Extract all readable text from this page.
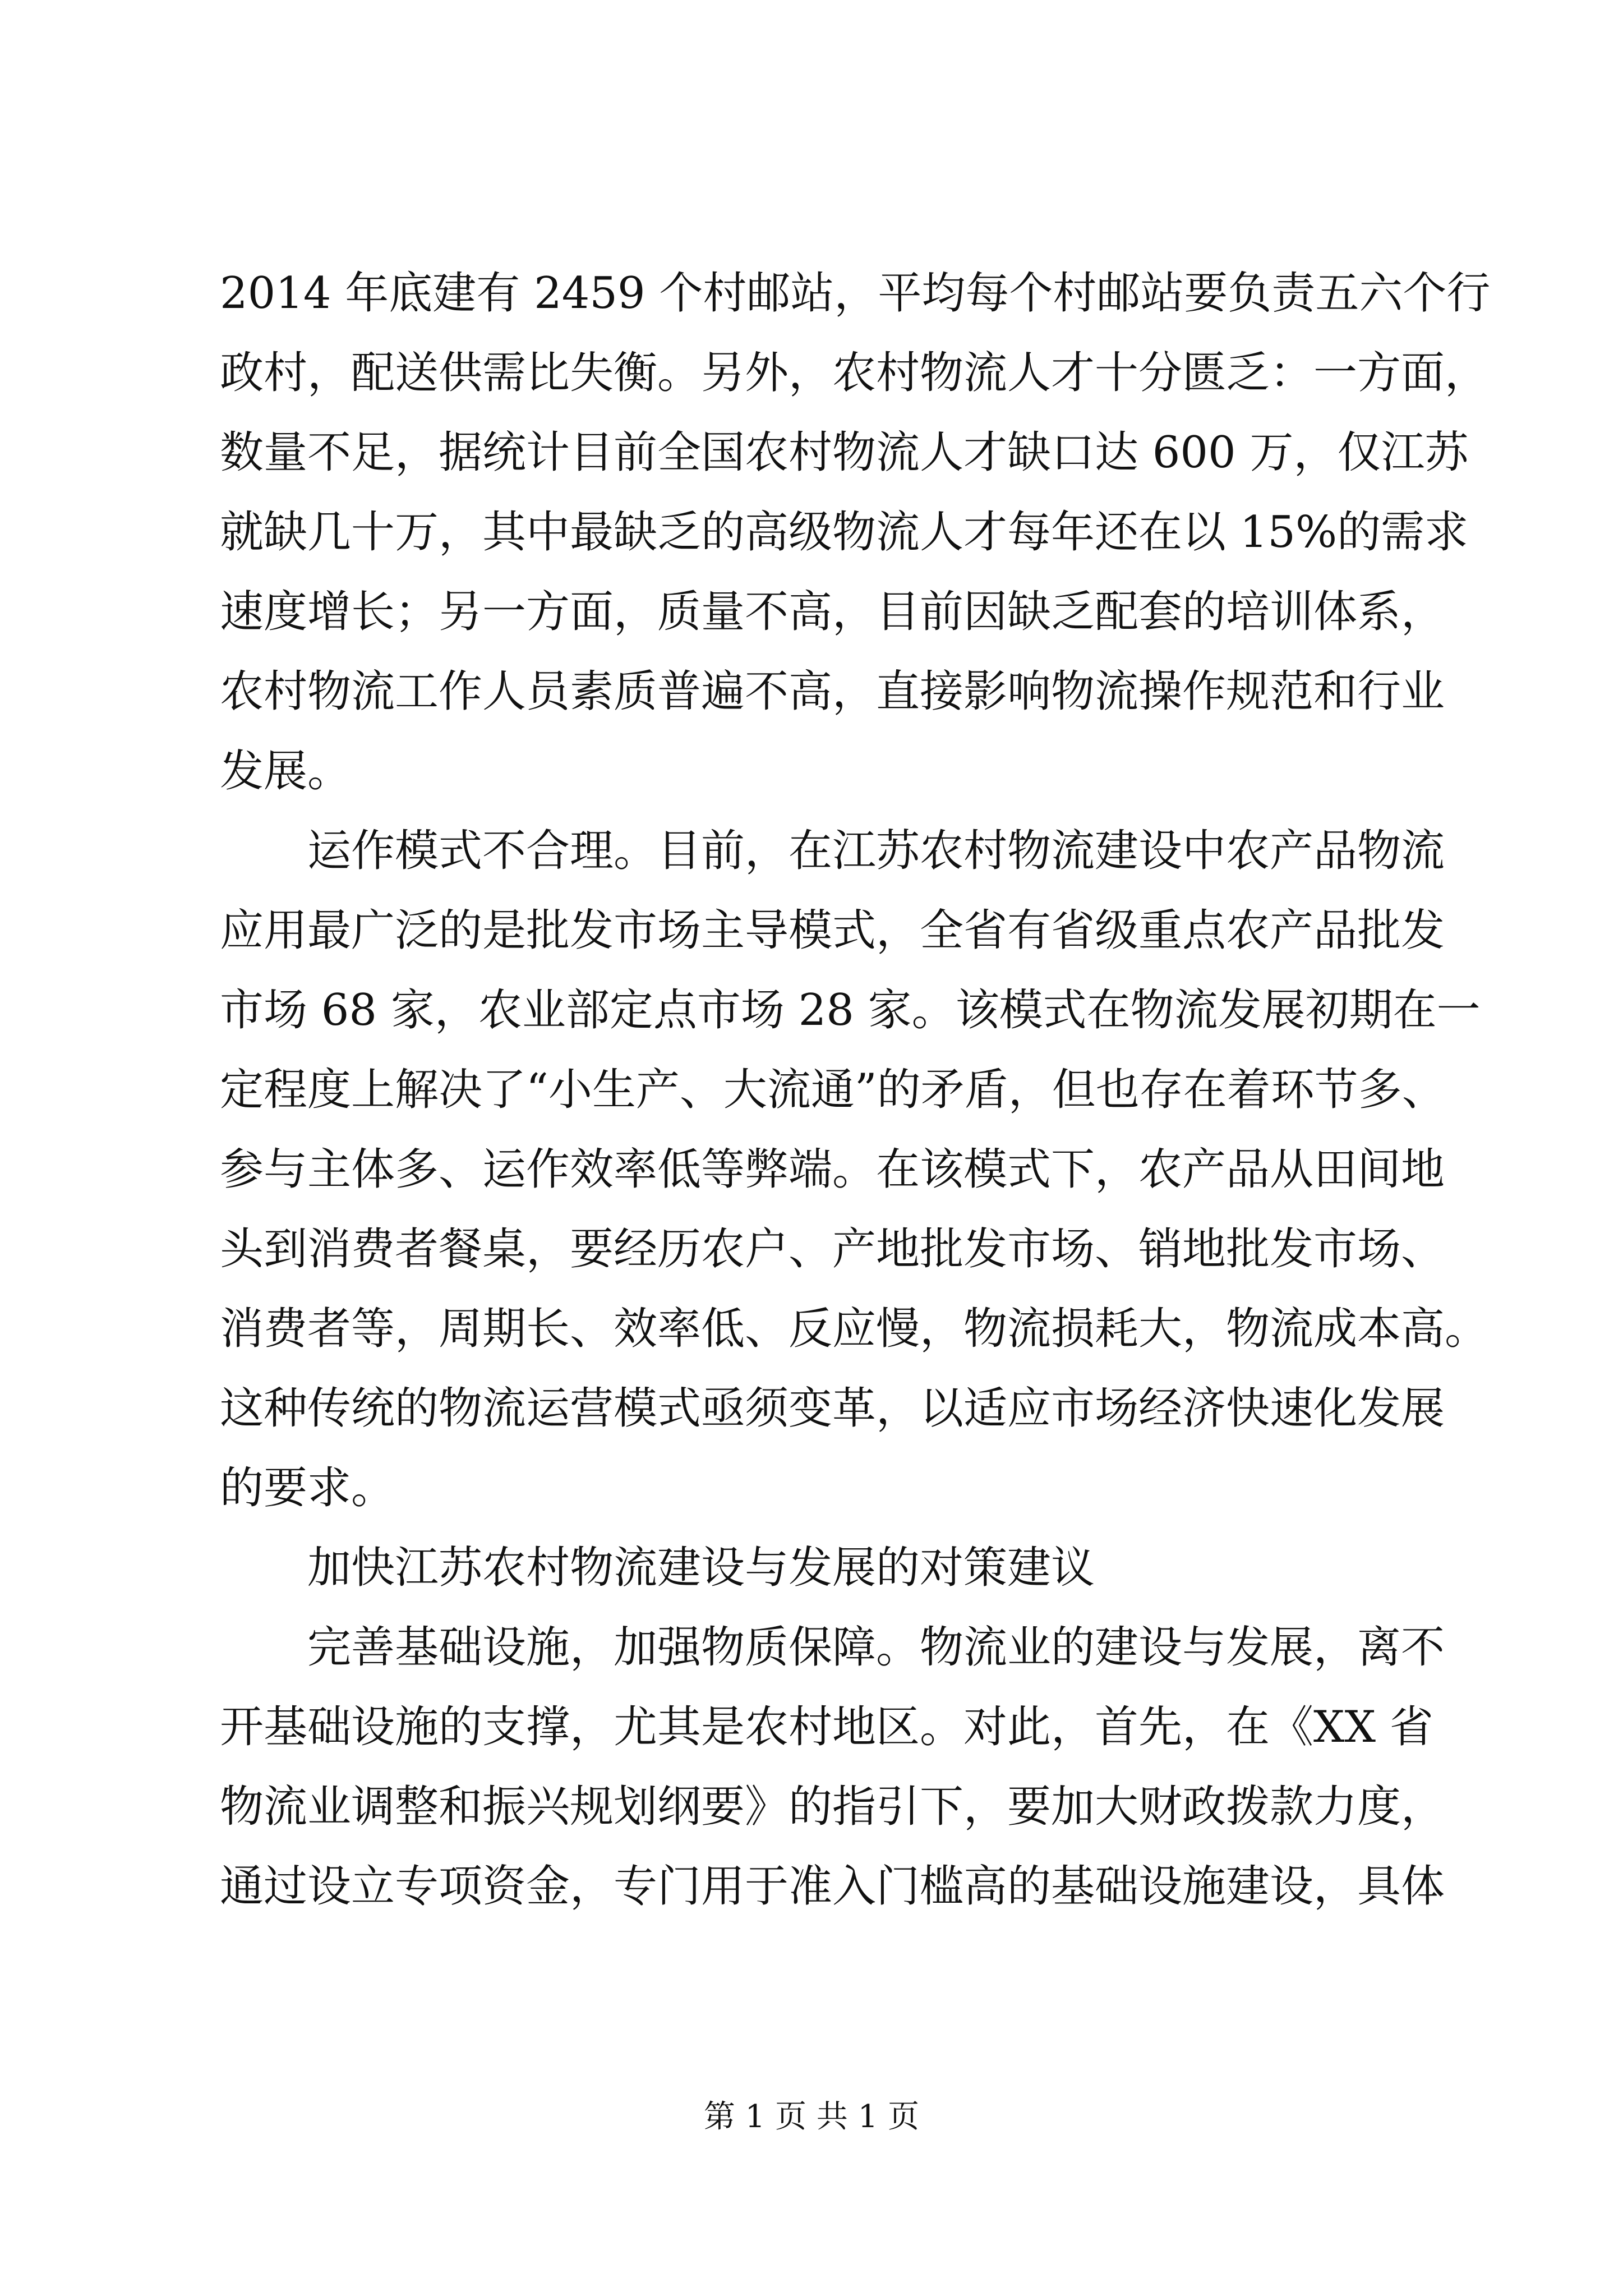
2014 年底建有 2459 个村邮站，平均每个村邮站要负责五六个行
政村，配送供需比失衡。另外，农村物流人才十分匮乏：一方面，
数量不足，据统计目前全国农村物流人才缺口达 600 万，仅江苏
就缺几十万，其中最缺乏的高级物流人才每年还在以 15%的需求
速度增长；另一方面，质量不高，目前因缺乏配套的培训体系，
农村物流工作人员素质普遍不高，直接影响物流操作规范和行业
发展。
运作模式不合理。目前，在江苏农村物流建设中农产品物流
应用最广泛的是批发市场主导模式，全省有省级重点农产品批发
市场 68 家，农业部定点市场 28 家。该模式在物流发展初期在一
定程度上解决了“小生产、大流通”的矛盾，但也存在着环节多、
参与主体多、运作效率低等弊端。在该模式下，农产品从田间地
头到消费者餐桌，要经历农户、产地批发市场、销地批发市场、
消费者等，周期长、效率低、反应慢，物流损耗大，物流成本高。
这种传统的物流运营模式亟须变革，以适应市场经济快速化发展
的要求。
加快江苏农村物流建设与发展的对策建议
完善基础设施，加强物质保障。物流业的建设与发展，离不
开基础设施的支撑，尤其是农村地区。对此，首先，在《XX 省
物流业调整和振兴规划纲要》的指引下，要加大财政拨款力度，
通过设立专项资金，专门用于准入门槛高的基础设施建设，具体
第 1 页 共 1 页
